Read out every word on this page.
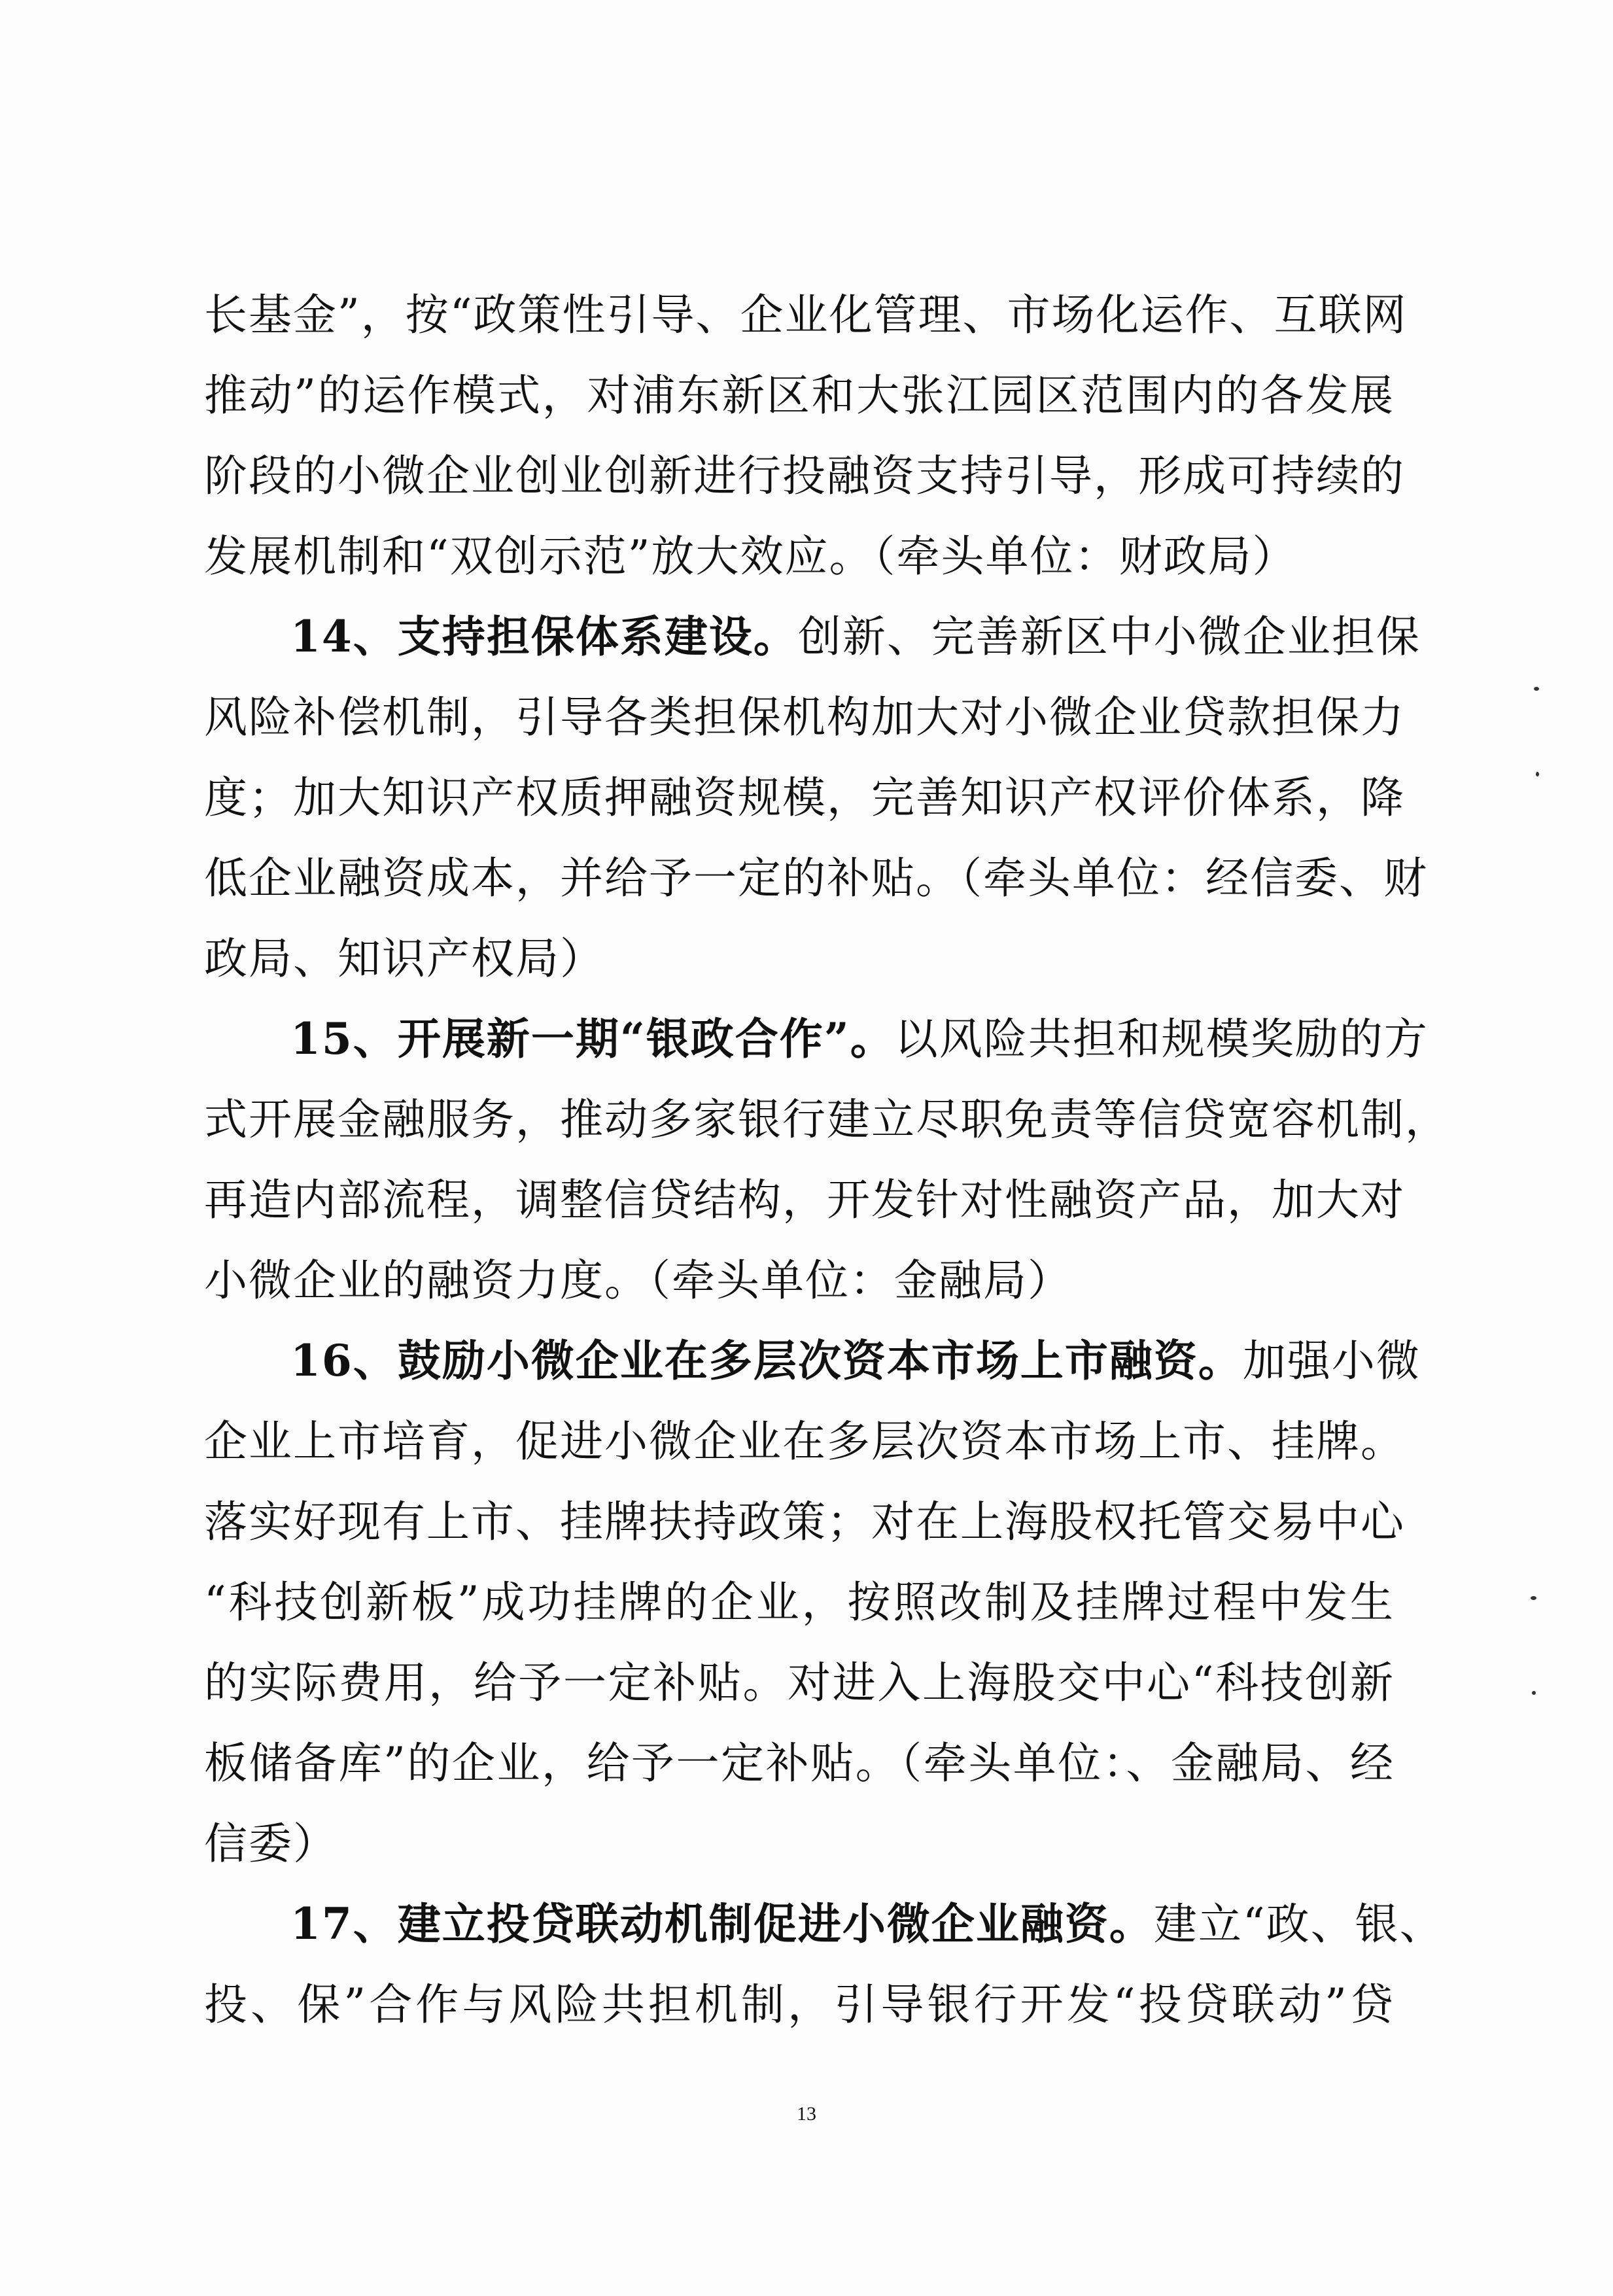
长基金”，按“政策性引导、企业化管理、市场化运作、互联网
推动”的运作模式，对浦东新区和大张江园区范围内的各发展
阶段的小微企业创业创新进行投融资支持引导，形成可持续的
发展机制和“双创示范”放大效应。（牵头单位：财政局）
14、支持担保体系建设。创新、完善新区中小微企业担保
风险补偿机制，引导各类担保机构加大对小微企业贷款担保力
度；加大知识产权质押融资规模，完善知识产权评价体系，降
低企业融资成本，并给予一定的补贴。（牵头单位：经信委、财
政局、知识产权局）
15、开展新一期“银政合作”。以风险共担和规模奖励的方
式开展金融服务，推动多家银行建立尽职免责等信贷宽容机制，
再造内部流程，调整信贷结构，开发针对性融资产品，加大对
小微企业的融资力度。（牵头单位：金融局）
16、鼓励小微企业在多层次资本市场上市融资。加强小微
企业上市培育，促进小微企业在多层次资本市场上市、挂牌。
落实好现有上市、挂牌扶持政策；对在上海股权托管交易中心
“科技创新板”成功挂牌的企业，按照改制及挂牌过程中发生
的实际费用，给予一定补贴。对进入上海股交中心“科技创新
板储备库”的企业，给予一定补贴。（牵头单位：、金融局、经
信委）
17、建立投贷联动机制促进小微企业融资。建立“政、银、
投、保”合作与风险共担机制，引导银行开发“投贷联动”贷
13
